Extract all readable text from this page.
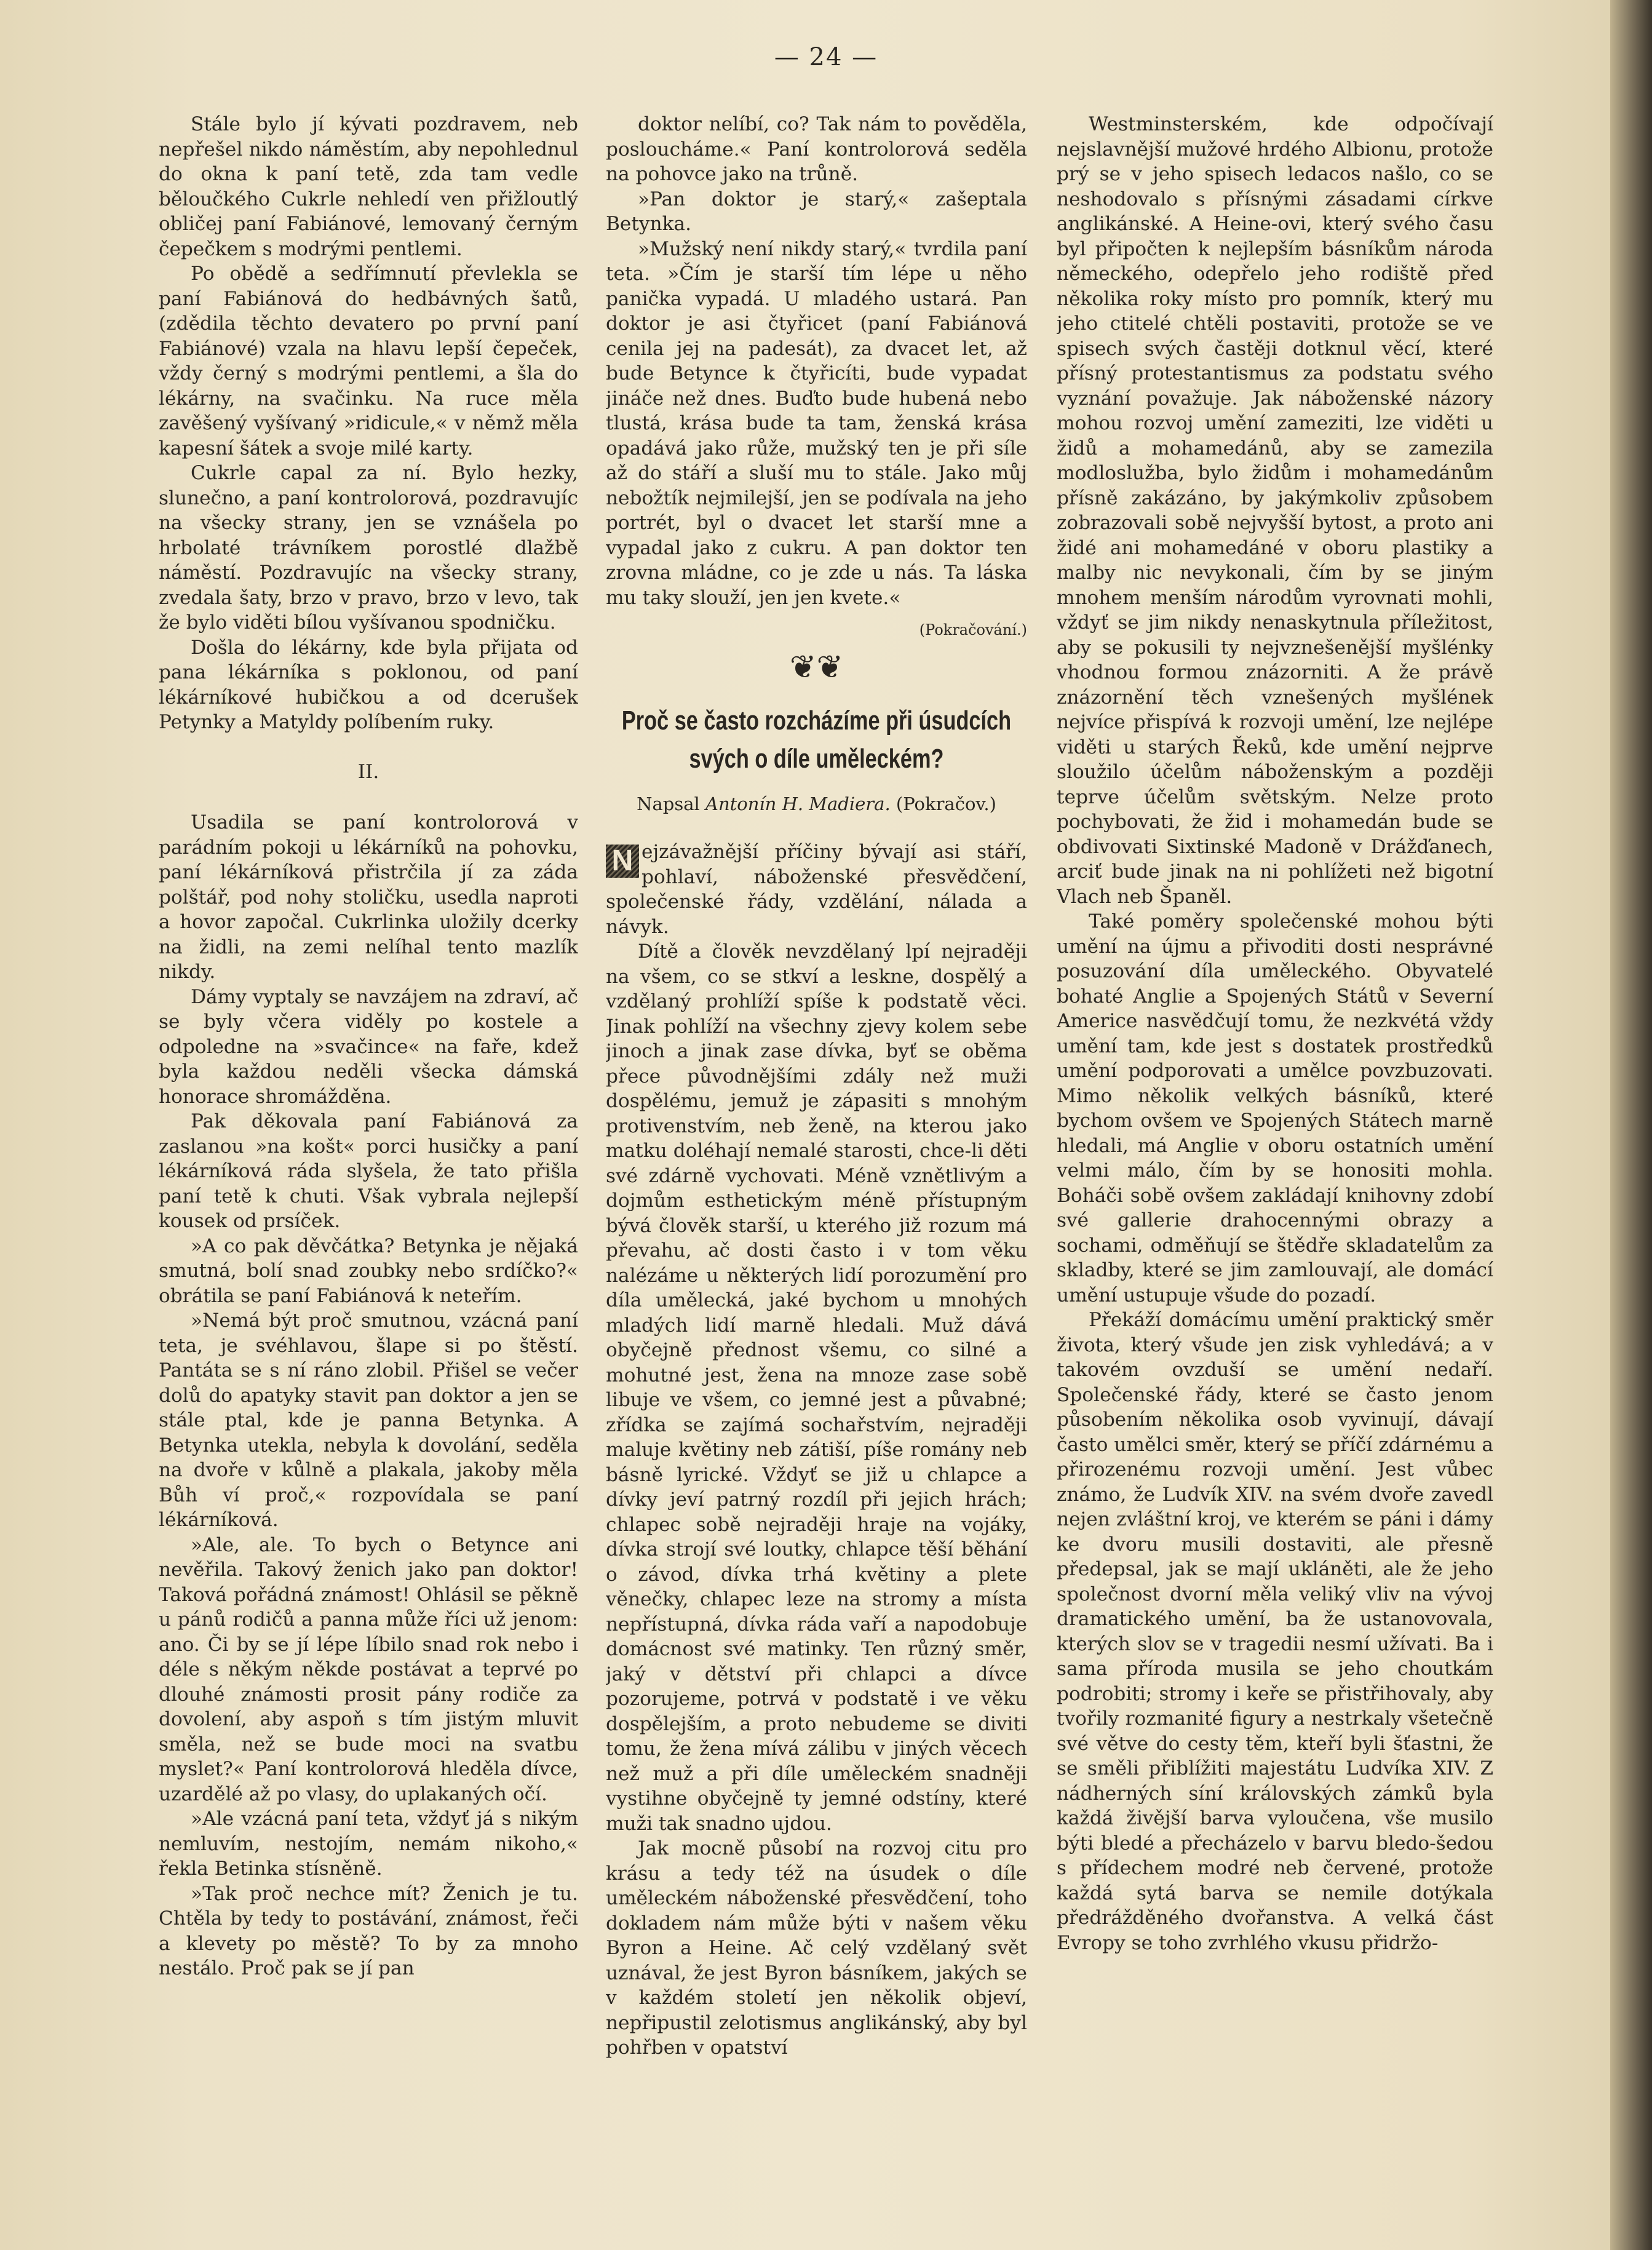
— 24 —

Stále bylo jí kývati pozdravem, neb nepřešel nikdo náměstím, aby nepohlednul do okna k paní tetě, zda tam vedle běloučkého Cukrle nehledí ven přižloutlý obličej paní Fabiánové, lemovaný černým čepečkem s modrými pentlemi.

Po obědě a sedřímnutí převlekla se paní Fabiánová do hedbávných šatů, (zdědila těchto devatero po první paní Fabiánové) vzala na hlavu lepší čepeček, vždy černý s modrými pentlemi, a šla do lékárny, na svačinku. Na ruce měla zavěšený vyšívaný »ridicule,« v němž měla kapesní šátek a svoje milé karty.

Cukrle capal za ní. Bylo hezky, slunečno, a paní kontrolorová, pozdravujíc na všecky strany, jen se vznášela po hrbolaté trávníkem porostlé dlažbě náměstí. Pozdravujíc na všecky strany, zvedala šaty, brzo v pravo, brzo v levo, tak že bylo viděti bílou vyšívanou spodničku.

Došla do lékárny, kde byla přijata od pana lékárníka s poklonou, od paní lékárníkové hubičkou a od dcerušek Petynky a Matyldy políbením ruky.

II.

Usadila se paní kontrolorová v parádním pokoji u lékárníků na pohovku, paní lékárníková přistrčila jí za záda polštář, pod nohy stoličku, usedla naproti a hovor započal. Cukrlinka uložily dcerky na židli, na zemi nelíhal tento mazlík nikdy.

Dámy vyptaly se navzájem na zdraví, ač se byly včera viděly po kostele a odpoledne na »svačince« na faře, kdež byla každou neděli všecka dámská honorace shromážděna.

Pak děkovala paní Fabiánová za zaslanou »na košt« porci husičky a paní lékárníková ráda slyšela, že tato přišla paní tetě k chuti. Však vybrala nejlepší kousek od prsíček.

»A co pak děvčátka? Betynka je nějaká smutná, bolí snad zoubky nebo srdíčko?« obrátila se paní Fabiánová k neteřím.

»Nemá být proč smutnou, vzácná paní teta, je svéhlavou, šlape si po štěstí. Pantáta se s ní ráno zlobil. Přišel se večer dolů do apatyky stavit pan doktor a jen se stále ptal, kde je panna Betynka. A Betynka utekla, nebyla k dovolání, seděla na dvoře v kůlně a plakala, jakoby měla Bůh ví proč,« rozpovídala se paní lékárníková.

»Ale, ale. To bych o Betynce ani nevěřila. Takový ženich jako pan doktor! Taková pořádná známost! Ohlásil se pěkně u pánů rodičů a panna může říci už jenom: ano. Či by se jí lépe líbilo snad rok nebo i déle s někým někde postávat a teprvé po dlouhé známosti prosit pány rodiče za dovolení, aby aspoň s tím jistým mluvit směla, než se bude moci na svatbu myslet?« Paní kontrolorová hleděla dívce, uzardělé až po vlasy, do uplakaných očí.

»Ale vzácná paní teta, vždyť já s nikým nemluvím, nestojím, nemám nikoho,« řekla Betinka stísněně.

»Tak proč nechce mít? Ženich je tu. Chtěla by tedy to postávání, známost, řeči a klevety po městě? To by za mnoho nestálo. Proč pak se jí pan

doktor nelíbí, co? Tak nám to pověděla, posloucháme.« Paní kontrolorová seděla na pohovce jako na trůně.

»Pan doktor je starý,« zašeptala Betynka.

»Mužský není nikdy starý,« tvrdila paní teta. »Čím je starší tím lépe u něho panička vypadá. U mladého ustará. Pan doktor je asi čtyřicet (paní Fabiánová cenila jej na padesát), za dvacet let, až bude Betynce k čtyřicíti, bude vypadat jináče než dnes. Buďto bude hubená nebo tlustá, krása bude ta tam, ženská krása opadává jako růže, mužský ten je při síle až do stáří a sluší mu to stále. Jako můj nebožtík nejmilejší, jen se podívala na jeho portrét, byl o dvacet let starší mne a vypadal jako z cukru. A pan doktor ten zrovna mládne, co je zde u nás. Ta láska mu taky slouží, jen jen kvete.«

(Pokračování.)
❦❦
Proč se často rozcházíme při úsudcích svých o díle uměleckém?
Napsal Antonín H. Madiera. (Pokračov.)

N ejzávažnější příčiny bývají asi stáří, pohlaví, náboženské přesvědčení, společenské řády, vzdělání, nálada a návyk.

Dítě a člověk nevzdělaný lpí nejraději na všem, co se stkví a leskne, dospělý a vzdělaný prohlíží spíše k podstatě věci. Jinak pohlíží na všechny zjevy kolem sebe jinoch a jinak zase dívka, byť se oběma přece původnějšími zdály než muži dospělému, jemuž je zápasiti s mnohým protivenstvím, neb ženě, na kterou jako matku doléhají nemalé starosti, chce-li děti své zdárně vychovati. Méně vznětlivým a dojmům esthetickým méně přístupným bývá člověk starší, u kterého již rozum má převahu, ač dosti často i v tom věku nalézáme u některých lidí porozumění pro díla umělecká, jaké bychom u mnohých mladých lidí marně hledali. Muž dává obyčejně přednost všemu, co silné a mohutné jest, žena na mnoze zase sobě libuje ve všem, co jemné jest a půvabné; zřídka se zajímá sochařstvím, nejraději maluje květiny neb zátiší, píše romány neb básně lyrické. Vždyť se již u chlapce a dívky jeví patrný rozdíl při jejich hrách; chlapec sobě nejraději hraje na vojáky, dívka strojí své loutky, chlapce těší běhání o závod, dívka trhá květiny a plete věnečky, chlapec leze na stromy a místa nepřístupná, dívka ráda vaří a napodobuje domácnost své matinky. Ten různý směr, jaký v dětství při chlapci a dívce pozorujeme, potrvá v podstatě i ve věku dospělejším, a proto nebudeme se diviti tomu, že žena mívá zálibu v jiných věcech než muž a při díle uměleckém snadněji vystihne obyčejně ty jemné odstíny, které muži tak snadno ujdou.

Jak mocně působí na rozvoj citu pro krásu a tedy též na úsudek o díle uměleckém náboženské přesvědčení, toho dokladem nám může býti v našem věku Byron a Heine. Ač celý vzdělaný svět uznával, že jest Byron básníkem, jakých se v každém století jen několik objeví, nepřipustil zelotismus anglikánský, aby byl pohřben v opatství

Westminsterském, kde odpočívají nejslavnější mužové hrdého Albionu, protože prý se v jeho spisech ledacos našlo, co se neshodovalo s přísnými zásadami církve anglikánské. A Heine-ovi, který svého času byl připočten k nejlepším básníkům národa německého, odepřelo jeho rodiště před několika roky místo pro pomník, který mu jeho ctitelé chtěli postaviti, protože se ve spisech svých častěji dotknul věcí, které přísný protestantismus za podstatu svého vyznání považuje. Jak náboženské názory mohou rozvoj umění zameziti, lze viděti u židů a mohamedánů, aby se zamezila modloslužba, bylo židům i mohamedánům přísně zakázáno, by jakýmkoliv způsobem zobrazovali sobě nejvyšší bytost, a proto ani židé ani mohamedáné v oboru plastiky a malby nic nevykonali, čím by se jiným mnohem menším národům vyrovnati mohli, vždyť se jim nikdy nenaskytnula příležitost, aby se pokusili ty nejvznešenější myšlénky vhodnou formou znázorniti. A že právě znázornění těch vznešených myšlének nejvíce přispívá k rozvoji umění, lze nejlépe viděti u starých Řeků, kde umění nejprve sloužilo účelům náboženským a později teprve účelům světským. Nelze proto pochybovati, že žid i mohamedán bude se obdivovati Sixtinské Madoně v Drážďanech, arciť bude jinak na ni pohlížeti než bigotní Vlach neb Španěl.

Také poměry společenské mohou býti umění na újmu a přivoditi dosti nesprávné posuzování díla uměleckého. Obyvatelé bohaté Anglie a Spojených Států v Severní Americe nasvědčují tomu, že nezkvétá vždy umění tam, kde jest s dostatek prostředků umění podporovati a umělce povzbuzovati. Mimo několik velkých básníků, které bychom ovšem ve Spojených Státech marně hledali, má Anglie v oboru ostatních umění velmi málo, čím by se honositi mohla. Boháči sobě ovšem zakládají knihovny zdobí své gallerie drahocennými obrazy a sochami, odměňují se štědře skladatelům za skladby, které se jim zamlouvají, ale domácí umění ustupuje všude do pozadí.

Překáží domácímu umění praktický směr života, který všude jen zisk vyhledává; a v takovém ovzduší se umění nedaří. Společenské řády, které se často jenom působením několika osob vyvinují, dávají často umělci směr, který se příčí zdárnému a přirozenému rozvoji umění. Jest vůbec známo, že Ludvík XIV. na svém dvoře zavedl nejen zvláštní kroj, ve kterém se páni i dámy ke dvoru musili dostaviti, ale přesně předepsal, jak se mají ukláněti, ale že jeho společnost dvorní měla veliký vliv na vývoj dramatického umění, ba že ustanovovala, kterých slov se v tragedii nesmí užívati. Ba i sama příroda musila se jeho choutkám podrobiti; stromy i keře se přistřihovaly, aby tvořily rozmanité figury a nestrkaly všetečně své větve do cesty těm, kteří byli šťastni, že se směli přiblížiti majestátu Ludvíka XIV. Z nádherných síní královských zámků byla každá živější barva vyloučena, vše musilo býti bledé a přecházelo v barvu bledo-šedou s přídechem modré neb červené, protože každá sytá barva se nemile dotýkala předrážděného dvořanstva. A velká část Evropy se toho zvrhlého vkusu přidržo-
